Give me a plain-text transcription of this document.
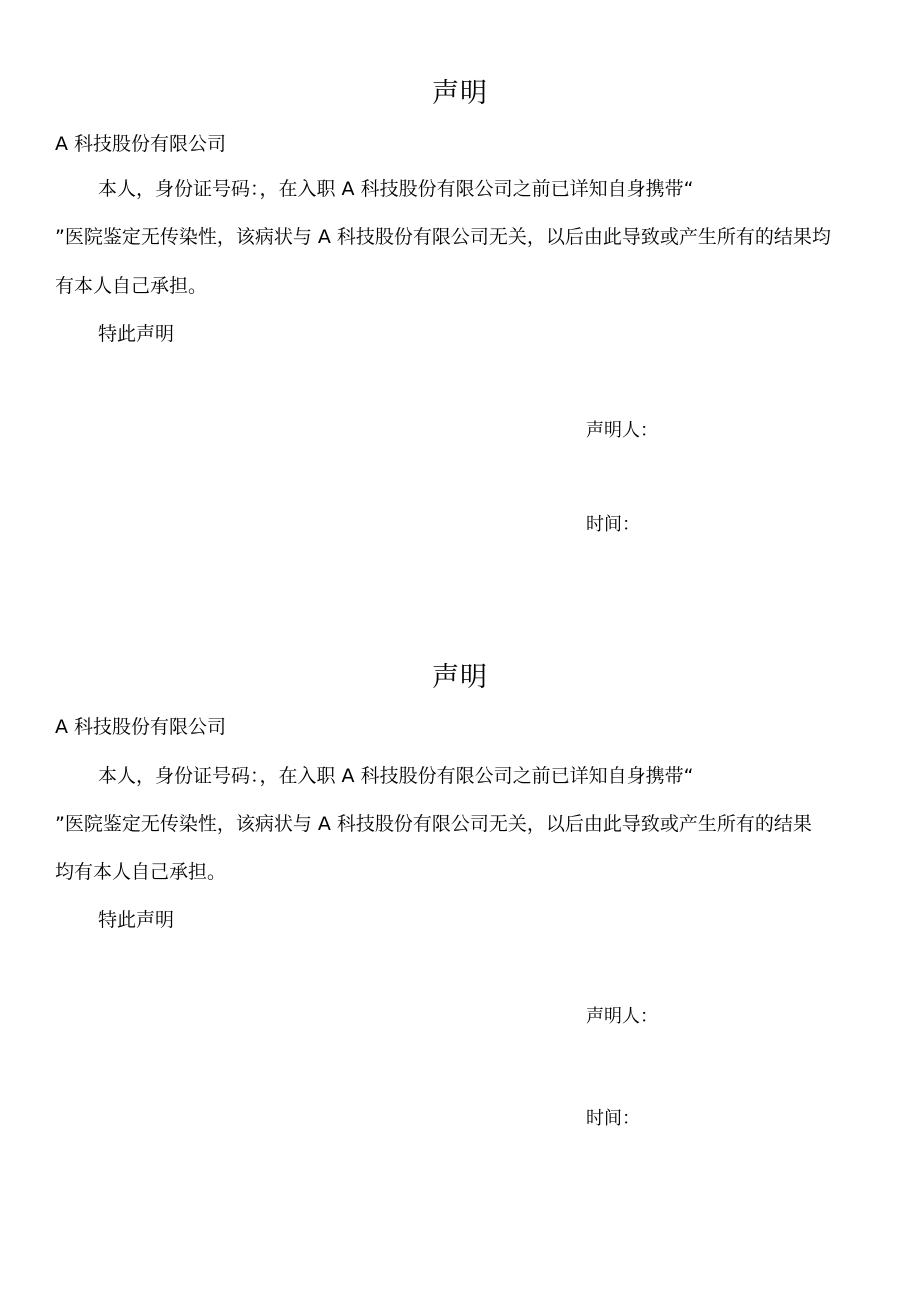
声明
A 科技股份有限公司
本人，身份证号码：，在入职 A 科技股份有限公司之前已详知自身携带“
”医院鉴定无传染性，该病状与 A 科技股份有限公司无关，以后由此导致或产生所有的结果均
有本人自己承担。
特此声明
声明人：
时间：
声明
A 科技股份有限公司
本人，身份证号码：，在入职 A 科技股份有限公司之前已详知自身携带“
”医院鉴定无传染性，该病状与 A 科技股份有限公司无关，以后由此导致或产生所有的结果
均有本人自己承担。
特此声明
声明人：
时间：
